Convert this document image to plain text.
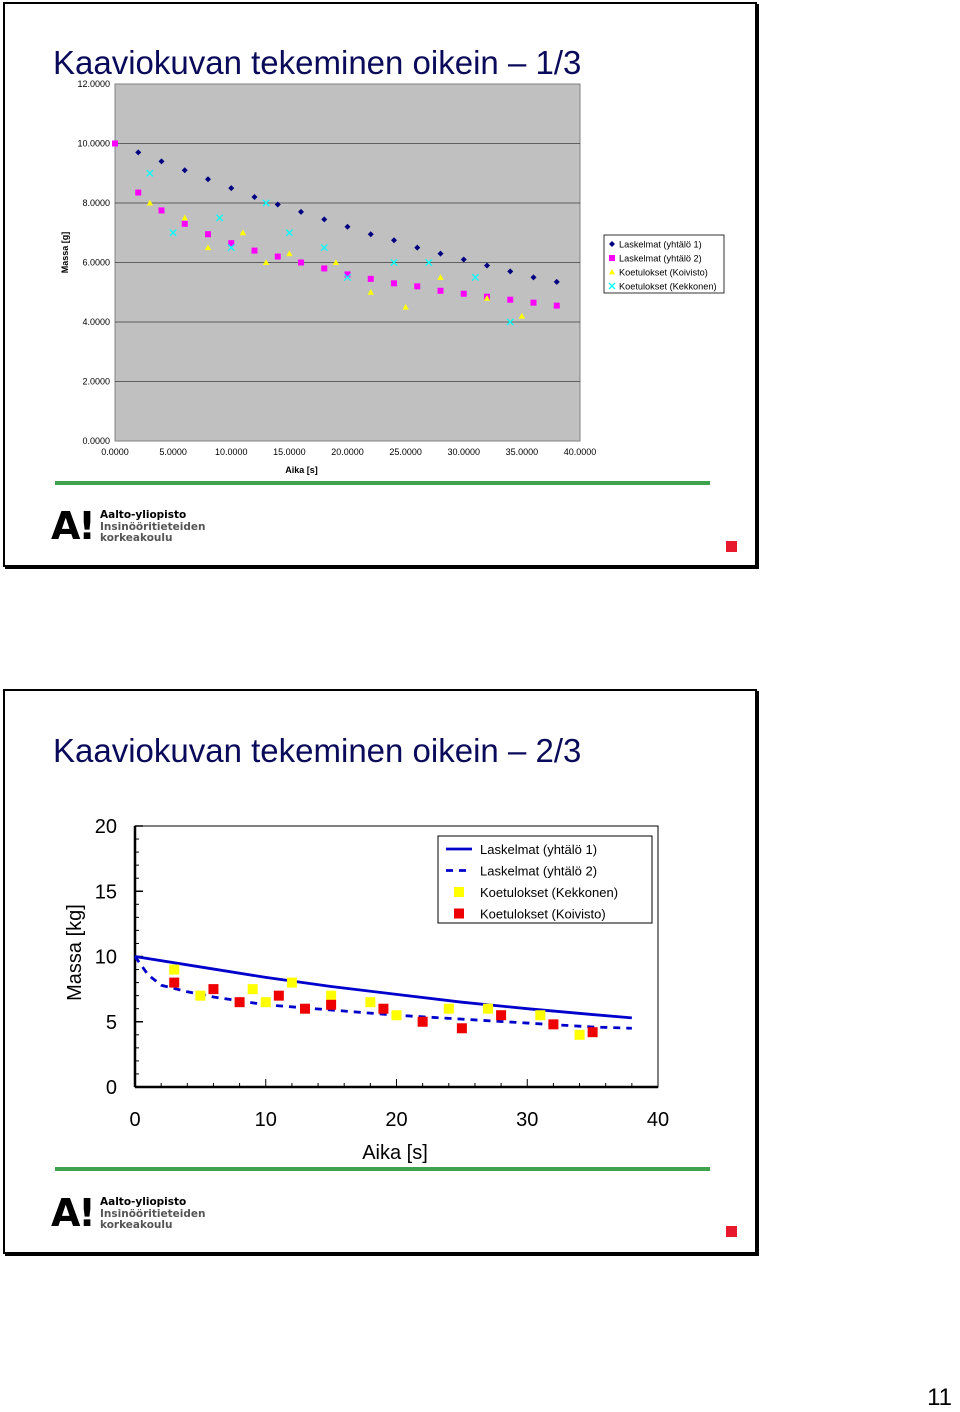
Kaaviokuvan tekeminen oikein – 1/3
0.0000
2.0000
4.0000
6.0000
8.0000
10.0000
12.0000
0.0000	5.0000	10.0000	15.0000	20.0000	25.0000	30.0000	35.0000	40.0000
Aika [s]
Massa [g]	Laskelmat (yhtälö 1)
Laskelmat (yhtälö 2)
Koetulokset (Koivisto)
Koetulokset (Kekkonen)
A! Aalto-yliopisto
Insinööritieteiden
korkeakoulu
Kaaviokuvan tekeminen oikein – 2/3
0
5
10
15
20
0	10	20	30	40
Aika [s]
Massa [kg]
Laskelmat (yhtälö 1)
Laskelmat (yhtälö 2)
Koetulokset (Kekkonen)
Koetulokset (Koivisto)
A! Aalto-yliopisto
Insinööritieteiden
korkeakoulu
11
